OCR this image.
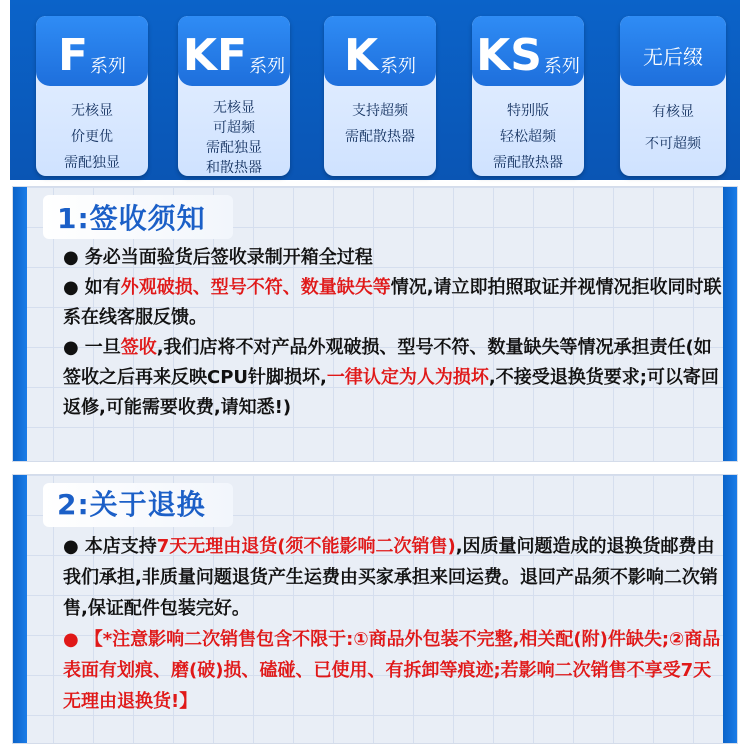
F 系列
无核显
价更优
需配独显
KF 系列
无核显
可超频
需配独显
和散热器
K 系列
支持超频
需配散热器
KS 系列
特别版
轻松超频
需配散热器
无后缀
有核显
不可超频
1:签收须知
● 务必当面验货后签收录制开箱全过程
● 如有外观破损、型号不符、数量缺失等情况,请立即拍照取证并视情况拒收同时联系在线客服反馈。
● 一旦签收,我们店将不对产品外观破损、型号不符、数量缺失等情况承担责任(如签收之后再来反映CPU针脚损坏,一律认定为人为损坏,不接受退换货要求;可以寄回返修,可能需要收费,请知悉!)
2:关于退换
● 本店支持7天无理由退货(须不能影响二次销售),因质量问题造成的退换货邮费由我们承担,非质量问题退货产生运费由买家承担来回运费。退回产品须不影响二次销售,保证配件包装完好。
● 【*注意影响二次销售包含不限于:①商品外包装不完整,相关配(附)件缺失;②商品表面有划痕、磨(破)损、磕碰、已使用、有拆卸等痕迹;若影响二次销售不享受7天无理由退换货!】
